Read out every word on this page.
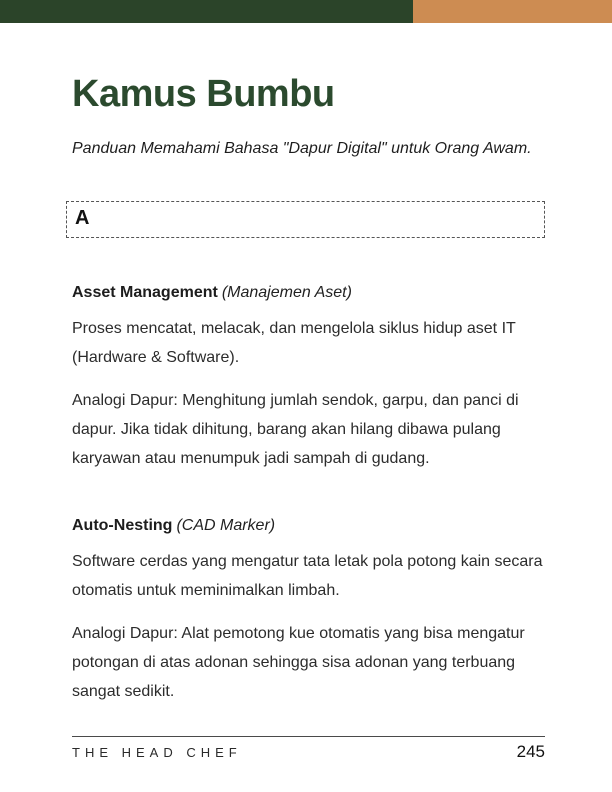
Kamus Bumbu

Panduan Memahami Bahasa "Dapur Digital" untuk Orang Awam.

A

Asset Management (Manajemen Aset)

Proses mencatat, melacak, dan mengelola siklus hidup aset IT (Hardware & Software).

Analogi Dapur: Menghitung jumlah sendok, garpu, dan panci di dapur. Jika tidak dihitung, barang akan hilang dibawa pulang karyawan atau menumpuk jadi sampah di gudang.

Auto-Nesting (CAD Marker)

Software cerdas yang mengatur tata letak pola potong kain secara otomatis untuk meminimalkan limbah.

Analogi Dapur: Alat pemotong kue otomatis yang bisa mengatur potongan di atas adonan sehingga sisa adonan yang terbuang sangat sedikit.

THE HEAD CHEF	245
